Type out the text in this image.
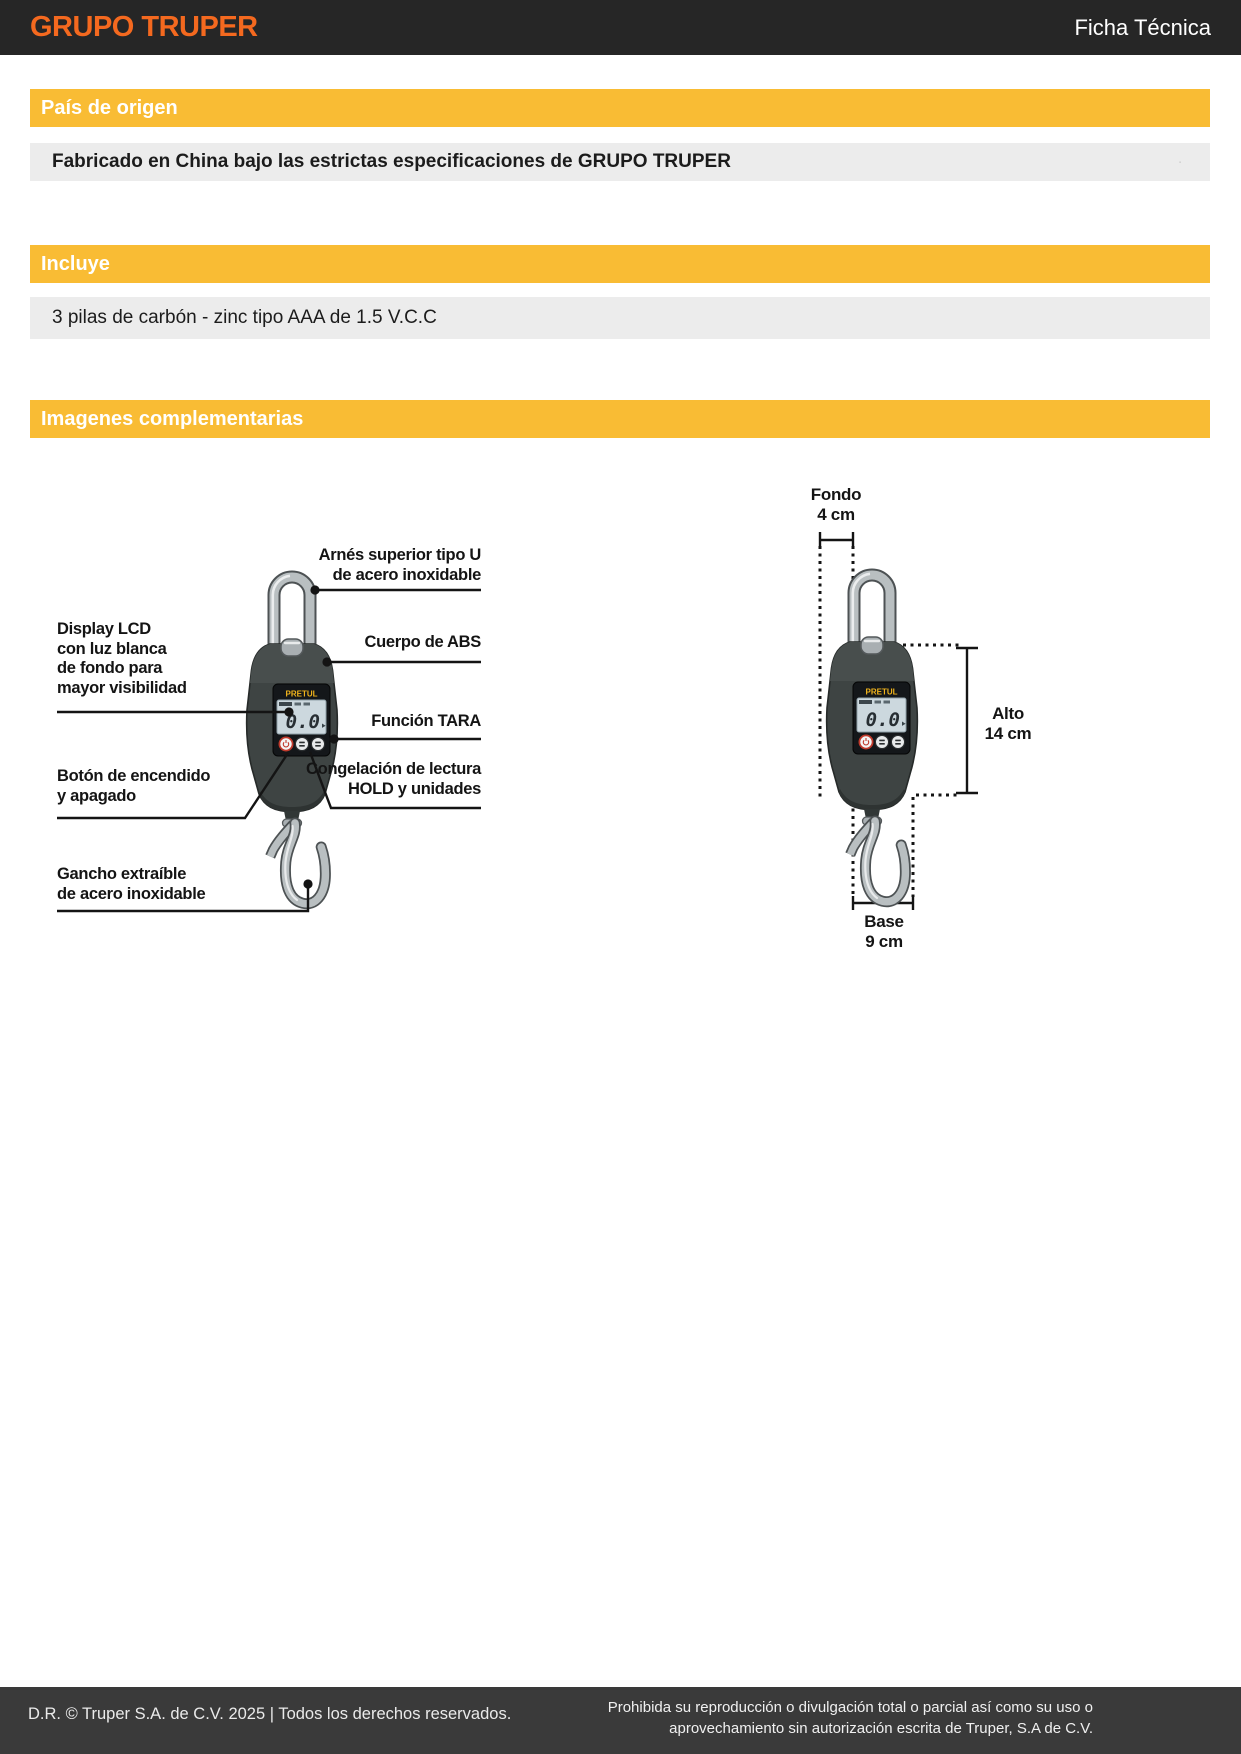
GRUPO TRUPER	Ficha Técnica
País de origen
Fabricado en China bajo las estrictas especificaciones de GRUPO TRUPER	.
Incluye
3 pilas de carbón - zinc tipo AAA de 1.5 V.C.C
Imagenes complementarias
Arnés superior tipo U
de acero inoxidable
Cuerpo de ABS
Función TARA
Congelación de lectura
HOLD y unidades
Display LCD
con luz blanca
de fondo para
mayor visibilidad
Botón de encendido
y apagado
Gancho extraíble
de acero inoxidable
Fondo
4 cm
Alto
14 cm
Base
9 cm
D.R. © Truper S.A. de C.V. 2025 | Todos los derechos reservados.	Prohibida su reproducción o divulgación total o parcial así como su uso o
aprovechamiento sin autorización escrita de Truper, S.A de C.V.
